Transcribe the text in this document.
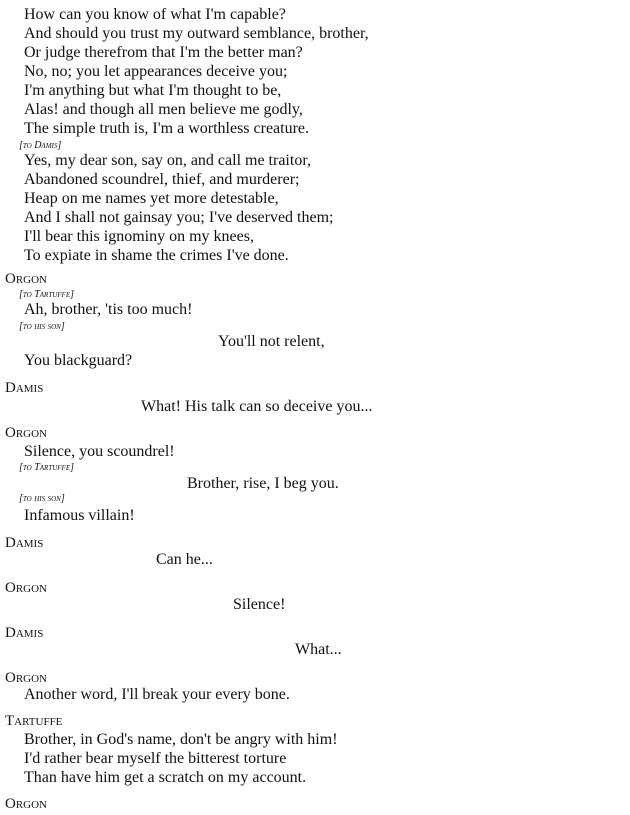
How can you know of what I'm capable?
And should you trust my outward semblance, brother,
Or judge therefrom that I'm the better man?
No, no; you let appearances deceive you;
I'm anything but what I'm thought to be,
Alas! and though all men believe me godly,
The simple truth is, I'm a worthless creature.
[to Damis]
Yes, my dear son, say on, and call me traitor,
Abandoned scoundrel, thief, and murderer;
Heap on me names yet more detestable,
And I shall not gainsay you; I've deserved them;
I'll bear this ignominy on my knees,
To expiate in shame the crimes I've done.
Orgon
[to Tartuffe]
Ah, brother, 'tis too much!
[to his son]
You'll not relent,
You blackguard?
Damis
What! His talk can so deceive you...
Orgon
Silence, you scoundrel!
[to Tartuffe]
Brother, rise, I beg you.
[to his son]
Infamous villain!
Damis
Can he...
Orgon
Silence!
Damis
What...
Orgon
Another word, I'll break your every bone.
Tartuffe
Brother, in God's name, don't be angry with him!
I'd rather bear myself the bitterest torture
Than have him get a scratch on my account.
Orgon
